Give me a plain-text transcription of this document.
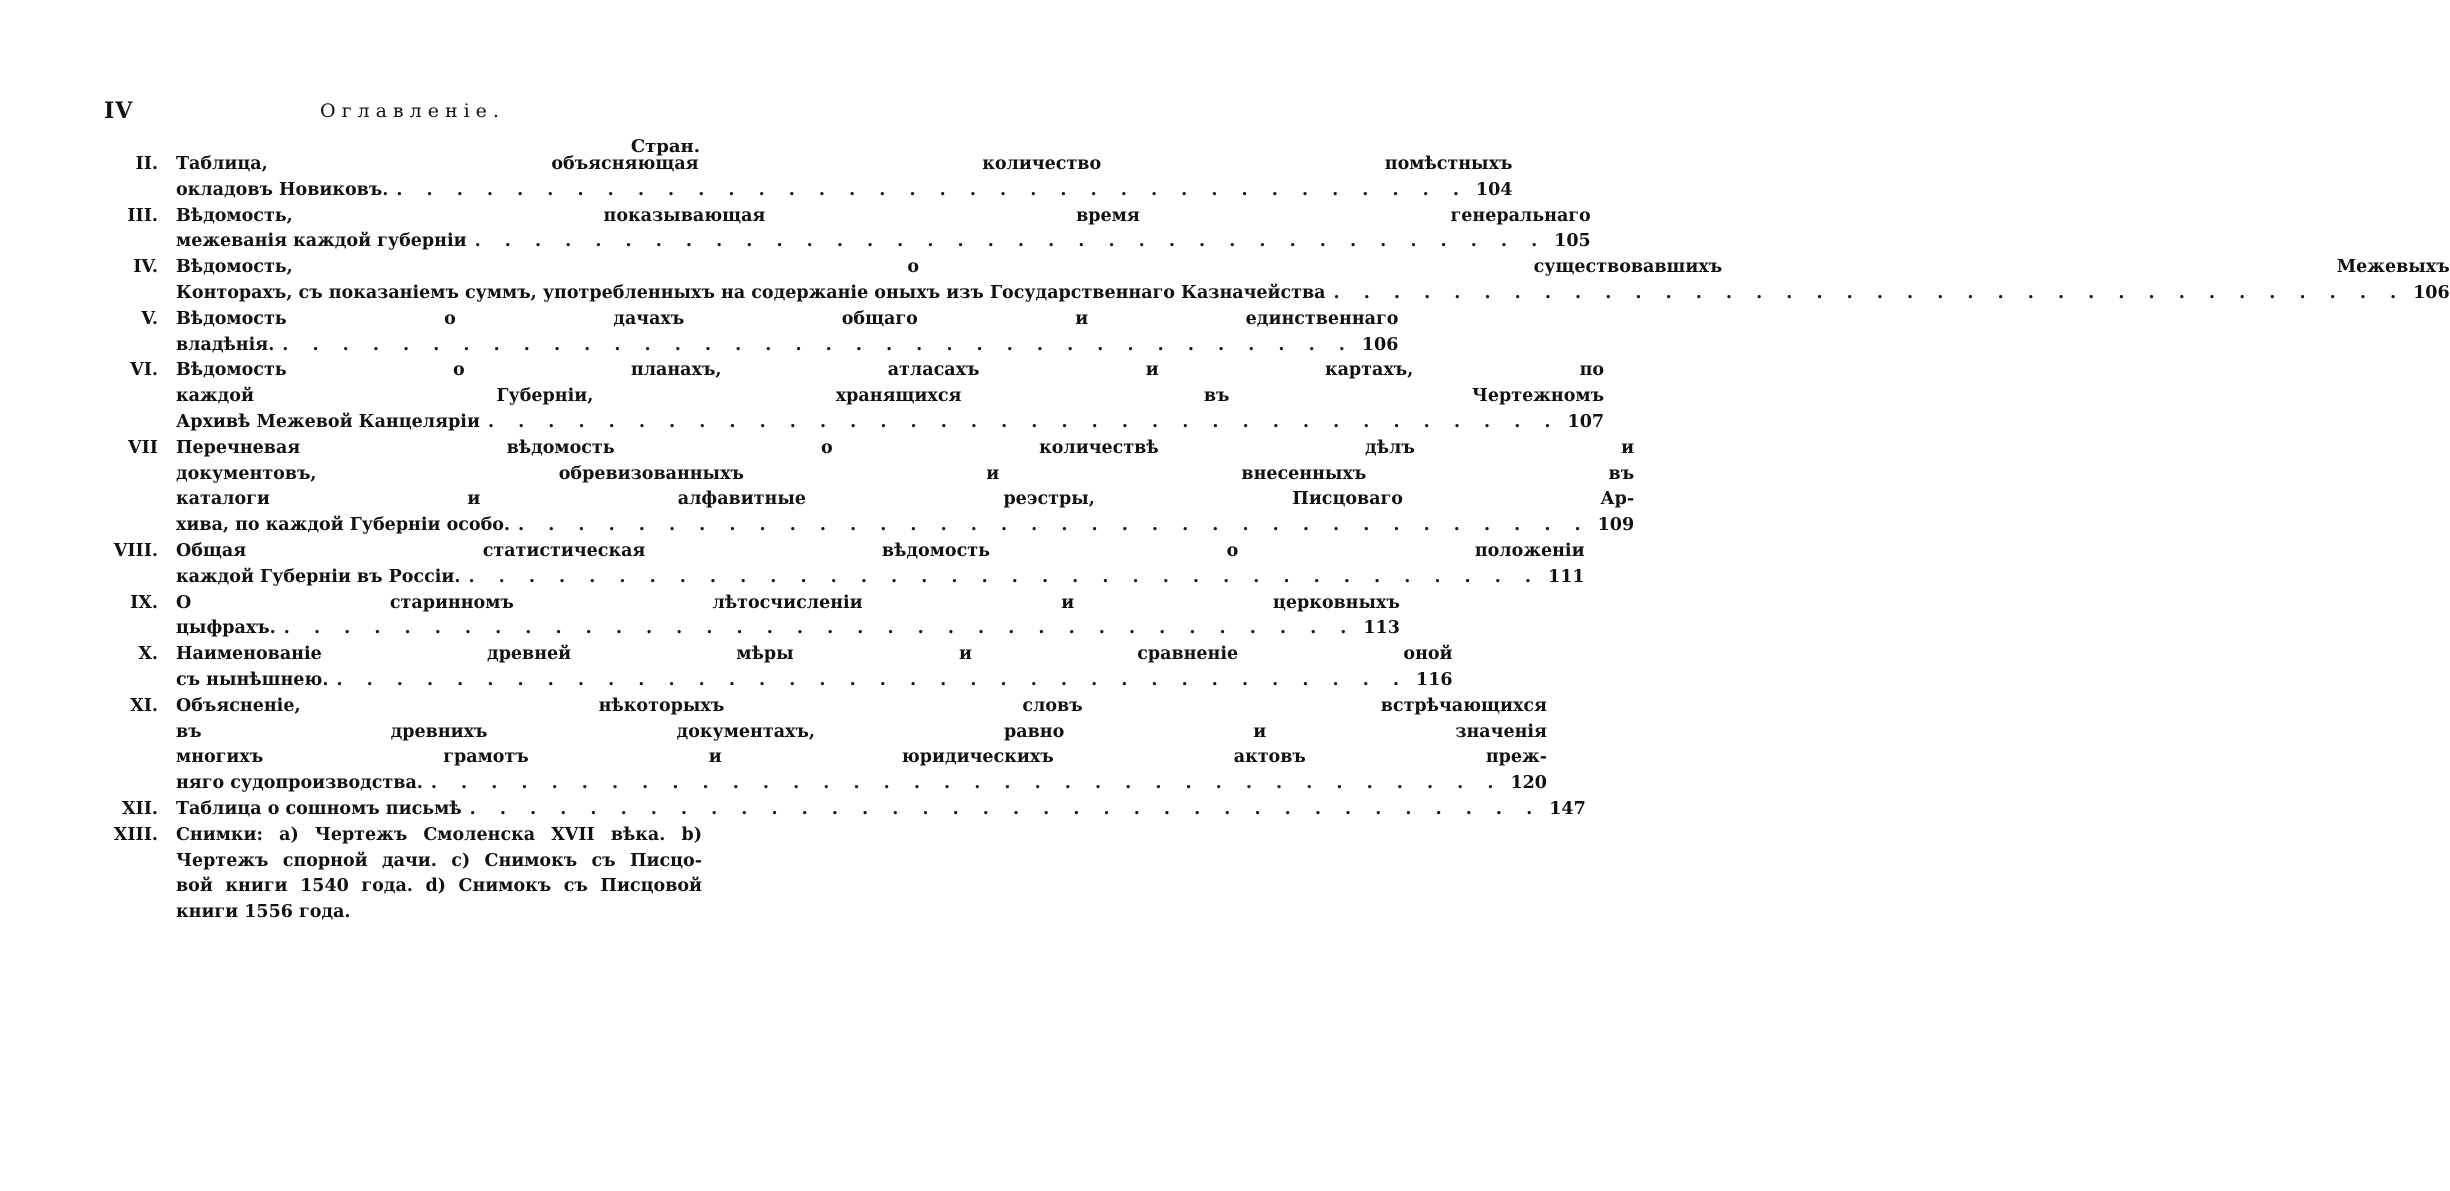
IV	Оглавленіе.
Стран.
II.	Таблица, объясняющая количество помѣстныхъ
окладовъ Новиковъ. . . . . . . . . . . . . . . . . . . . . . . . . . . . . . . . . . . . . 104
III.	Вѣдомость, показывающая время генеральнаго
межеванія каждой губерніи . . . . . . . . . . . . . . . . . . . . . . . . . . . . . . . . . . . . 105
IV.	Вѣдомость, о существовавшихъ Межевыхъ
Конторахъ, съ показаніемъ суммъ, употребленныхъ на содержаніе оныхъ изъ Государственнаго Казначейства . . . . . . . . . . . . . . . . . . . . . . . . . . . . . . . . . . . . 106
V.	Вѣдомость о дачахъ общаго и единственнаго
владѣнія. . . . . . . . . . . . . . . . . . . . . . . . . . . . . . . . . . . . . 106
VI.	Вѣдомость о планахъ, атласахъ и картахъ, по
каждой Губерніи, хранящихся въ Чертежномъ
Архивѣ Межевой Канцеляріи . . . . . . . . . . . . . . . . . . . . . . . . . . . . . . . . . . . . 107
VII	Перечневая вѣдомость о количествѣ дѣлъ и
документовъ, обревизованныхъ и внесенныхъ въ
каталоги и алфавитные реэстры, Писцоваго Ар-
хива, по каждой Губерніи особо. . . . . . . . . . . . . . . . . . . . . . . . . . . . . . . . . . . . . 109
VIII.	Общая статистическая вѣдомость о положеніи
каждой Губерніи въ Россіи. . . . . . . . . . . . . . . . . . . . . . . . . . . . . . . . . . . . . 111
IX.	О старинномъ лѣтосчисленіи и церковныхъ
цыфрахъ. . . . . . . . . . . . . . . . . . . . . . . . . . . . . . . . . . . . . 113
X.	Наименованіе древней мѣры и сравненіе оной
съ нынѣшнею. . . . . . . . . . . . . . . . . . . . . . . . . . . . . . . . . . . . . 116
XI.	Объясненіе, нѣкоторыхъ словъ встрѣчающихся
въ древнихъ документахъ, равно и значенія
многихъ грамотъ и юридическихъ актовъ преж-
няго судопроизводства. . . . . . . . . . . . . . . . . . . . . . . . . . . . . . . . . . . . . 120
XII.	Таблица о сошномъ письмѣ . . . . . . . . . . . . . . . . . . . . . . . . . . . . . . . . . . . . 147
XIII.	Снимки: a) Чертежъ Смоленска XVII вѣка. b)
Чертежъ спорной дачи. c) Снимокъ съ Писцо-
вой книги 1540 года. d) Снимокъ съ Писцовой
книги 1556 года.
